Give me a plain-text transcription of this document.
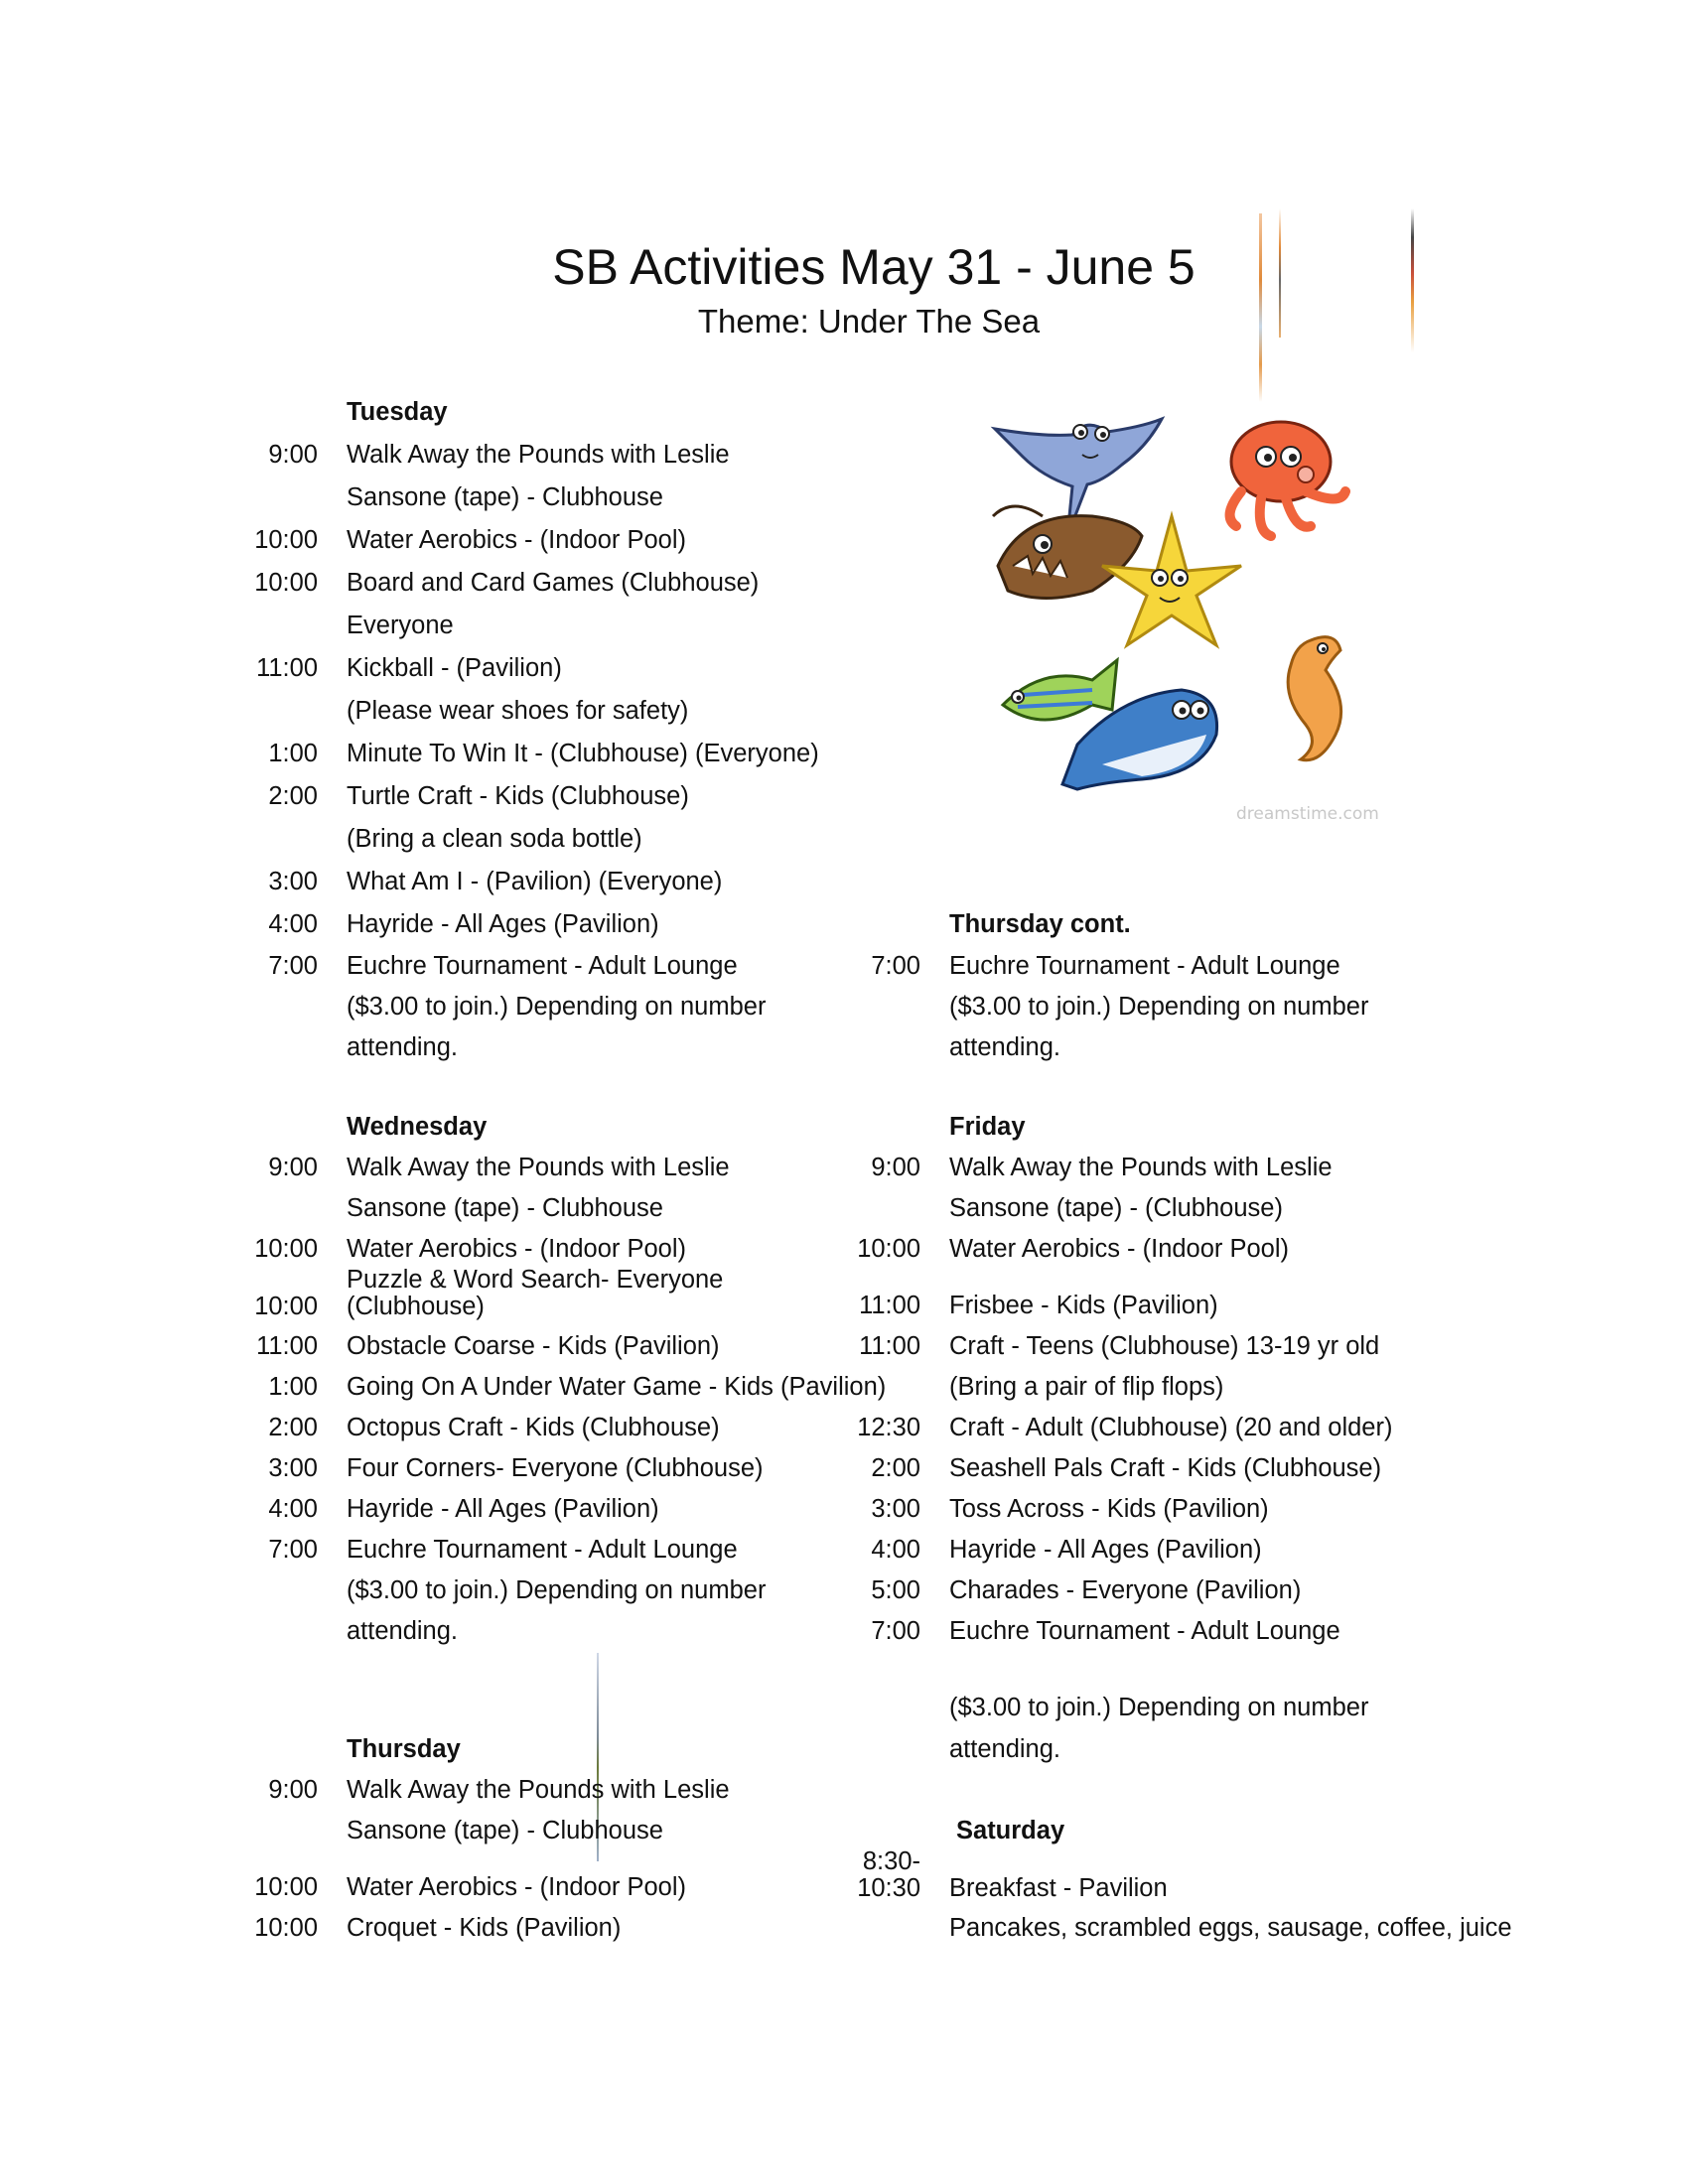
SB Activities May 31 - June 5

Theme: Under The Sea

dreamstime.com
Tuesday
9:00 Walk Away the Pounds with Leslie
Sansone (tape) - Clubhouse
10:00 Water Aerobics - (Indoor Pool)
10:00 Board and Card Games (Clubhouse)
Everyone
11:00 Kickball - (Pavilion)
(Please wear shoes for safety)
1:00 Minute To Win It - (Clubhouse) (Everyone)
2:00 Turtle Craft - Kids (Clubhouse)
(Bring a clean soda bottle)
3:00 What Am I - (Pavilion) (Everyone)
4:00 Hayride - All Ages (Pavilion)
7:00 Euchre Tournament - Adult Lounge
($3.00 to join.) Depending on number
attending.
Wednesday
9:00 Walk Away the Pounds with Leslie
Sansone (tape) - Clubhouse
10:00 Water Aerobics - (Indoor Pool)
10:00
Puzzle & Word Search- Everyone
(Clubhouse)
11:00 Obstacle Coarse - Kids (Pavilion)
1:00 Going On A Under Water Game - Kids (Pavilion)
2:00 Octopus Craft - Kids (Clubhouse)
3:00 Four Corners- Everyone (Clubhouse)
4:00 Hayride - All Ages (Pavilion)
7:00 Euchre Tournament - Adult Lounge
($3.00 to join.) Depending on number
attending.
Thursday
9:00 Walk Away the Pounds with Leslie
Sansone (tape) - Clubhouse
10:00 Water Aerobics - (Indoor Pool)
10:00 Croquet - Kids (Pavilion)
Thursday cont.
7:00 Euchre Tournament - Adult Lounge
($3.00 to join.) Depending on number
attending.
Friday
9:00 Walk Away the Pounds with Leslie
Sansone (tape) - (Clubhouse)
10:00 Water Aerobics - (Indoor Pool)
11:00 Frisbee - Kids (Pavilion)
11:00 Craft - Teens (Clubhouse) 13-19 yr old
(Bring a pair of flip flops)
12:30 Craft - Adult (Clubhouse) (20 and older)
2:00 Seashell Pals Craft - Kids (Clubhouse)
3:00 Toss Across - Kids (Pavilion)
4:00 Hayride - All Ages (Pavilion)
5:00 Charades - Everyone (Pavilion)
7:00 Euchre Tournament - Adult Lounge
($3.00 to join.) Depending on number
attending.
Saturday
8:30-
10:30 Breakfast - Pavilion
Pancakes, scrambled eggs, sausage, coffee, juice
